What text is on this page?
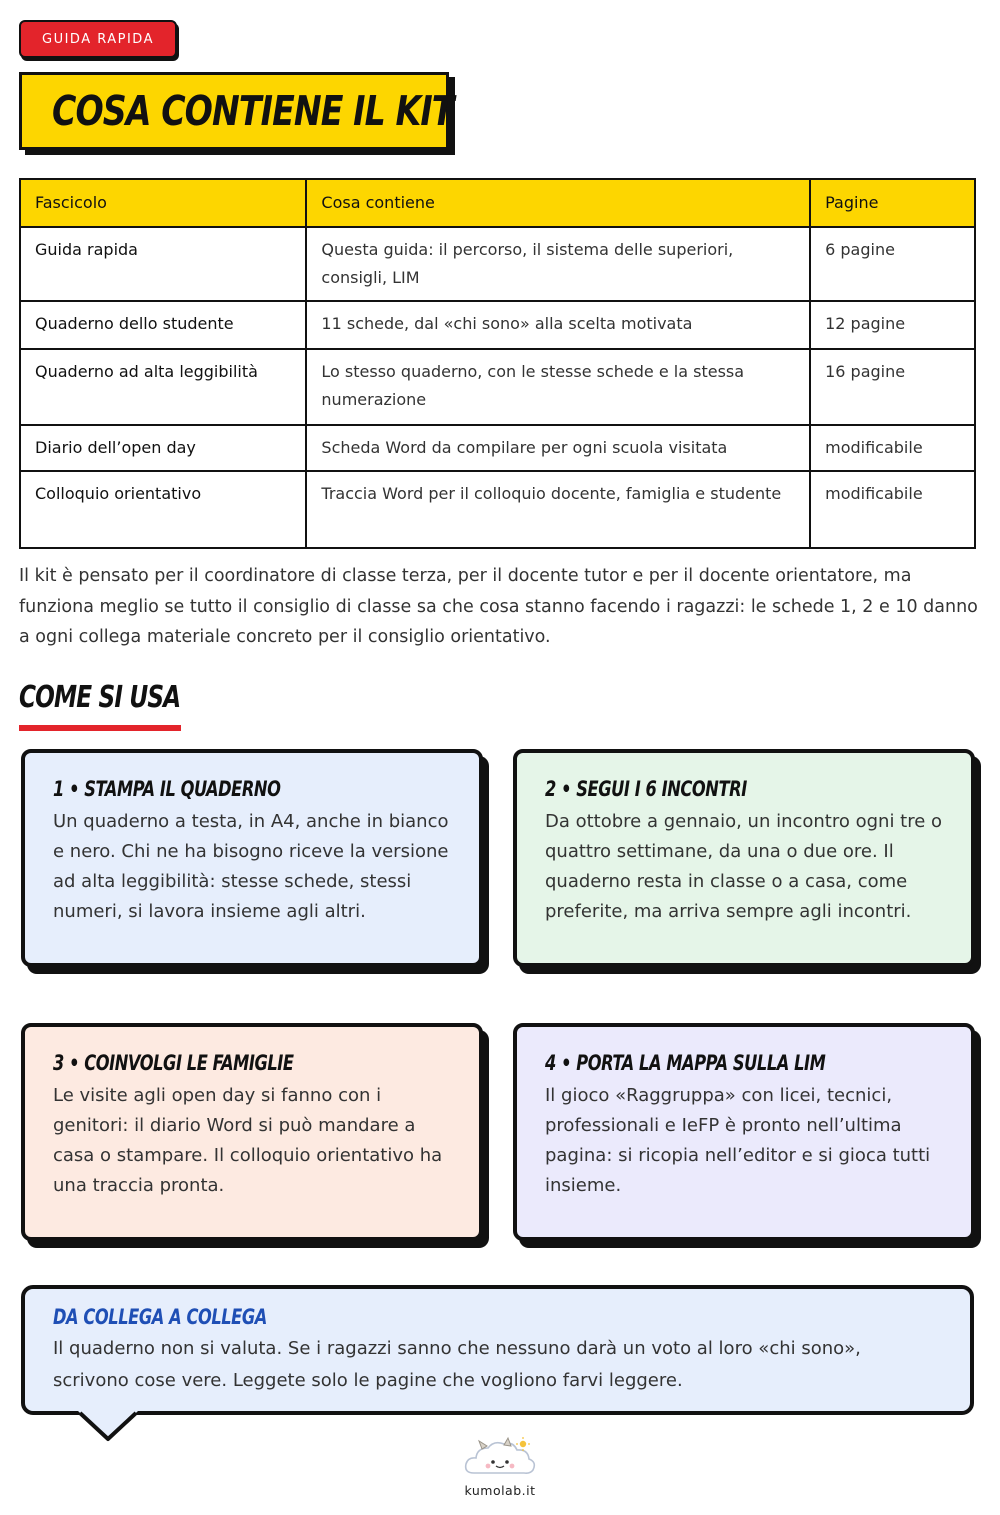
GUIDA RAPIDA
COSA CONTIENE IL KIT
Fascicolo	Cosa contiene	Pagine
Guida rapida	Questa guida: il percorso, il sistema delle superiori, consigli, LIM	6 pagine
Quaderno dello studente	11 schede, dal «chi sono» alla scelta motivata	12 pagine
Quaderno ad alta leggibilità	Lo stesso quaderno, con le stesse schede e la stessa numerazione	16 pagine
Diario dell’open day	Scheda Word da compilare per ogni scuola visitata	modificabile
Colloquio orientativo	Traccia Word per il colloquio docente, famiglia e studente	modificabile

Il kit è pensato per il coordinatore di classe terza, per il docente tutor e per il docente orientatore, ma funziona meglio se tutto il consiglio di classe sa che cosa stanno facendo i ragazzi: le schede 1, 2 e 10 danno a ogni collega materiale concreto per il consiglio orientativo.

COME SI USA
1 • STAMPA IL QUADERNO

Un quaderno a testa, in A4, anche in bianco e nero. Chi ne ha bisogno riceve la versione ad alta leggibilità: stesse schede, stessi numeri, si lavora insieme agli altri.

2 • SEGUI I 6 INCONTRI

Da ottobre a gennaio, un incontro ogni tre o quattro settimane, da una o due ore. Il quaderno resta in classe o a casa, come preferite, ma arriva sempre agli incontri.

3 • COINVOLGI LE FAMIGLIE

Le visite agli open day si fanno con i genitori: il diario Word si può mandare a casa o stampare. Il colloquio orientativo ha una traccia pronta.

4 • PORTA LA MAPPA SULLA LIM

Il gioco «Raggruppa» con licei, tecnici, professionali e IeFP è pronto nell’ultima pagina: si ricopia nell’editor e si gioca tutti insieme.

DA COLLEGA A COLLEGA

Il quaderno non si valuta. Se i ragazzi sanno che nessuno darà un voto al loro «chi sono», scrivono cose vere. Leggete solo le pagine che vogliono farvi leggere.

kumolab.it
